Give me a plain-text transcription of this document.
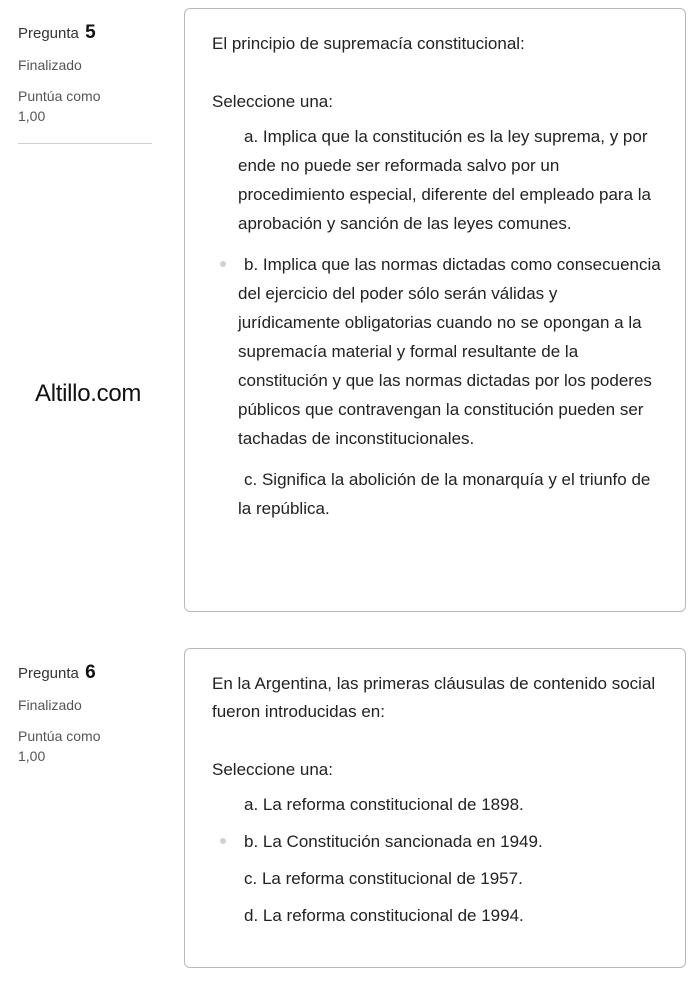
Pregunta 5
Finalizado
Puntúa como 1,00
El principio de supremacía constitucional:
Seleccione una:
a. Implica que la constitución es la ley suprema, y por ende no puede ser reformada salvo por un procedimiento especial, diferente del empleado para la aprobación y sanción de las leyes comunes.
b. Implica que las normas dictadas como consecuencia del ejercicio del poder sólo serán válidas y jurídicamente obligatorias cuando no se opongan a la supremacía material y formal resultante de la constitución y que las normas dictadas por los poderes públicos que contravengan la constitución pueden ser tachadas de inconstitucionales.
c. Significa la abolición de la monarquía y el triunfo de la república.
Altillo.com
Pregunta 6
Finalizado
Puntúa como 1,00
En la Argentina, las primeras cláusulas de contenido social fueron introducidas en:
Seleccione una:
a. La reforma constitucional de 1898.
b. La Constitución sancionada en 1949.
c. La reforma constitucional de 1957.
d. La reforma constitucional de 1994.
